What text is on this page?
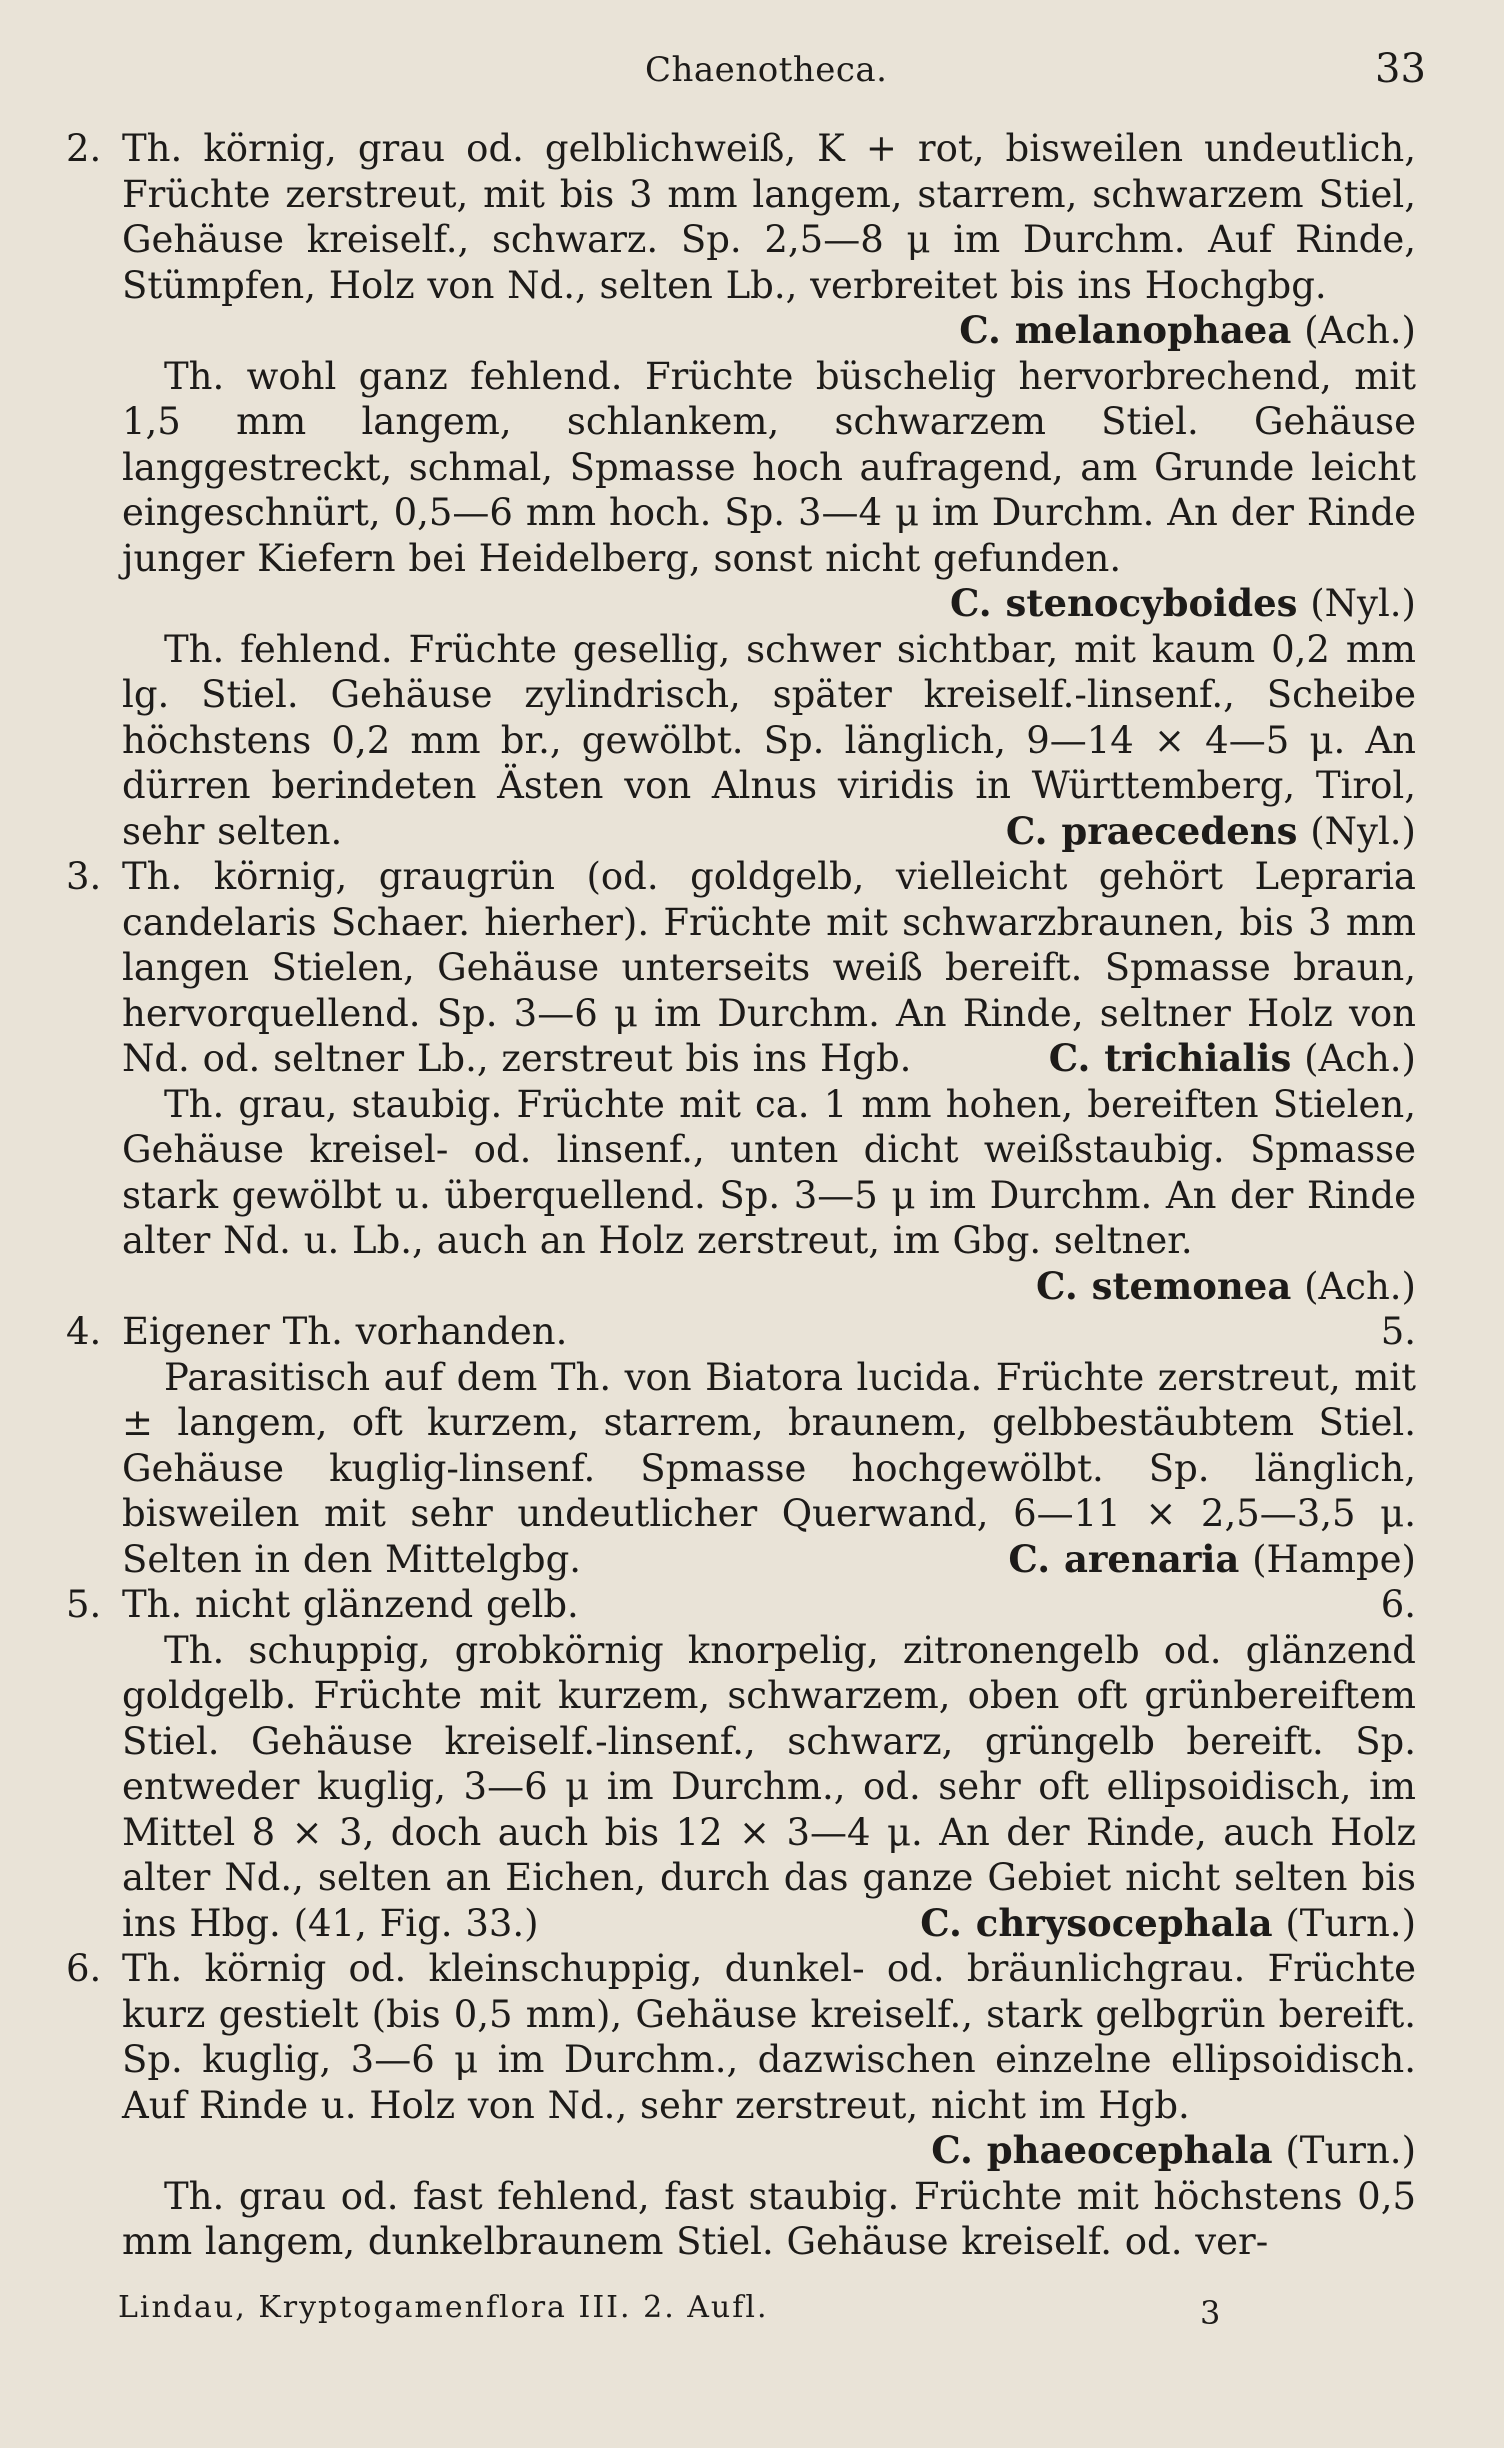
Chaenotheca.	33
2. Th. körnig, grau od. gelblichweiß, K + rot, bisweilen undeutlich, Früchte zerstreut, mit bis 3 mm langem, starrem, schwarzem Stiel, Gehäuse kreiself., schwarz. Sp. 2,5—8 μ im Durchm. Auf Rinde, Stümpfen, Holz von Nd., selten Lb., verbreitet bis ins Hochgbg.
C. melanophaea (Ach.)
Th. wohl ganz fehlend. Früchte büschelig hervorbrechend, mit 1,5 mm langem, schlankem, schwarzem Stiel. Gehäuse langgestreckt, schmal, Spmasse hoch aufragend, am Grunde leicht eingeschnürt, 0,5—6 mm hoch. Sp. 3—4 μ im Durchm. An der Rinde junger Kiefern bei Heidelberg, sonst nicht gefunden.
C. stenocyboides (Nyl.)
Th. fehlend. Früchte gesellig, schwer sichtbar, mit kaum 0,2 mm lg. Stiel. Gehäuse zylindrisch, später kreiself.-linsenf., Scheibe höchstens 0,2 mm br., gewölbt. Sp. länglich, 9—14 × 4—5 μ. An dürren berindeten Ästen von Alnus viridis in Württemberg, Tirol, sehr selten.	C. praecedens (Nyl.)
3. Th. körnig, graugrün (od. goldgelb, vielleicht gehört Lepraria candelaris Schaer. hierher). Früchte mit schwarzbraunen, bis 3 mm langen Stielen, Gehäuse unterseits weiß bereift. Spmasse braun, hervorquellend. Sp. 3—6 μ im Durchm. An Rinde, seltner Holz von Nd. od. seltner Lb., zerstreut bis ins Hgb.	C. trichialis (Ach.)
Th. grau, staubig. Früchte mit ca. 1 mm hohen, bereiften Stielen, Gehäuse kreisel- od. linsenf., unten dicht weißstaubig. Spmasse stark gewölbt u. überquellend. Sp. 3—5 μ im Durchm. An der Rinde alter Nd. u. Lb., auch an Holz zerstreut, im Gbg. seltner.
C. stemonea (Ach.)
4. Eigener Th. vorhanden.	5.
Parasitisch auf dem Th. von Biatora lucida. Früchte zerstreut, mit ± langem, oft kurzem, starrem, braunem, gelbbestäubtem Stiel. Gehäuse kuglig-linsenf. Spmasse hochgewölbt. Sp. länglich, bisweilen mit sehr undeutlicher Querwand, 6—11 × 2,5—3,5 μ. Selten in den Mittelgbg.	C. arenaria (Hampe)
5. Th. nicht glänzend gelb.	6.
Th. schuppig, grobkörnig knorpelig, zitronengelb od. glänzend goldgelb. Früchte mit kurzem, schwarzem, oben oft grünbereiftem Stiel. Gehäuse kreiself.-linsenf., schwarz, grüngelb bereift. Sp. entweder kuglig, 3—6 μ im Durchm., od. sehr oft ellipsoidisch, im Mittel 8 × 3, doch auch bis 12 × 3—4 μ. An der Rinde, auch Holz alter Nd., selten an Eichen, durch das ganze Gebiet nicht selten bis ins Hbg. (41, Fig. 33.)	C. chrysocephala (Turn.)
6. Th. körnig od. kleinschuppig, dunkel- od. bräunlichgrau. Früchte kurz gestielt (bis 0,5 mm), Gehäuse kreiself., stark gelbgrün bereift. Sp. kuglig, 3—6 μ im Durchm., dazwischen einzelne ellipsoidisch. Auf Rinde u. Holz von Nd., sehr zerstreut, nicht im Hgb.
C. phaeocephala (Turn.)
Th. grau od. fast fehlend, fast staubig. Früchte mit höchstens 0,5 mm langem, dunkelbraunem Stiel. Gehäuse kreiself. od. ver-
Lindau, Kryptogamenflora III. 2. Aufl.	3
